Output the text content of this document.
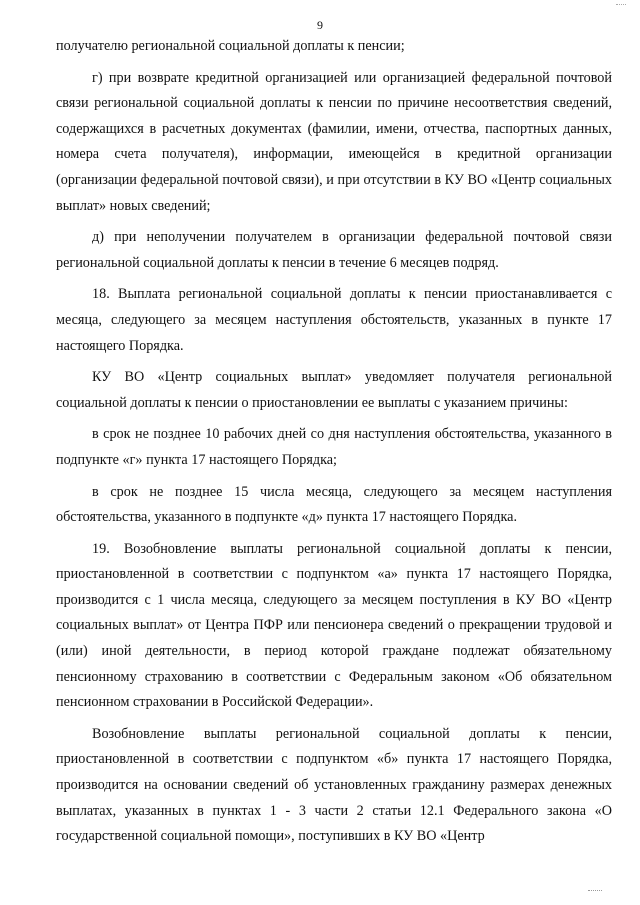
9

получателю региональной социальной доплаты к пенсии;

г) при возврате кредитной организацией или организацией федеральной почтовой связи региональной социальной доплаты к пенсии по причине несоответствия сведений, содержащихся в расчетных документах (фамилии, имени, отчества, паспортных данных, номера счета получателя), информации, имеющейся в кредитной организации (организации федеральной почтовой связи), и при отсутствии в КУ ВО «Центр социальных выплат» новых сведений;

д) при неполучении получателем в организации федеральной почтовой связи региональной социальной доплаты к пенсии в течение 6 месяцев подряд.

18. Выплата региональной социальной доплаты к пенсии приостанавливается с месяца, следующего за месяцем наступления обстоятельств, указанных в пункте 17 настоящего Порядка.

КУ ВО «Центр социальных выплат» уведомляет получателя региональной социальной доплаты к пенсии о приостановлении ее выплаты с указанием причины:

в срок не позднее 10 рабочих дней со дня наступления обстоятельства, указанного в подпункте «г» пункта 17 настоящего Порядка;

в срок не позднее 15 числа месяца, следующего за месяцем наступления обстоятельства, указанного в подпункте «д» пункта 17 настоящего Порядка.

19. Возобновление выплаты региональной социальной доплаты к пенсии, приостановленной в соответствии с подпунктом «а» пункта 17 настоящего Порядка, производится с 1 числа месяца, следующего за месяцем поступления в КУ ВО «Центр социальных выплат» от Центра ПФР или пенсионера сведений о прекращении трудовой и (или) иной деятельности, в период которой граждане подлежат обязательному пенсионному страхованию в соответствии с Федеральным законом «Об обязательном пенсионном страховании в Российской Федерации».

Возобновление выплаты региональной социальной доплаты к пенсии, приостановленной в соответствии с подпунктом «б» пункта 17 настоящего Порядка, производится на основании сведений об установленных гражданину размерах денежных выплатах, указанных в пунктах 1 - 3 части 2 статьи 12.1 Федерального закона «О государственной социальной помощи», поступивших в КУ ВО «Центр
